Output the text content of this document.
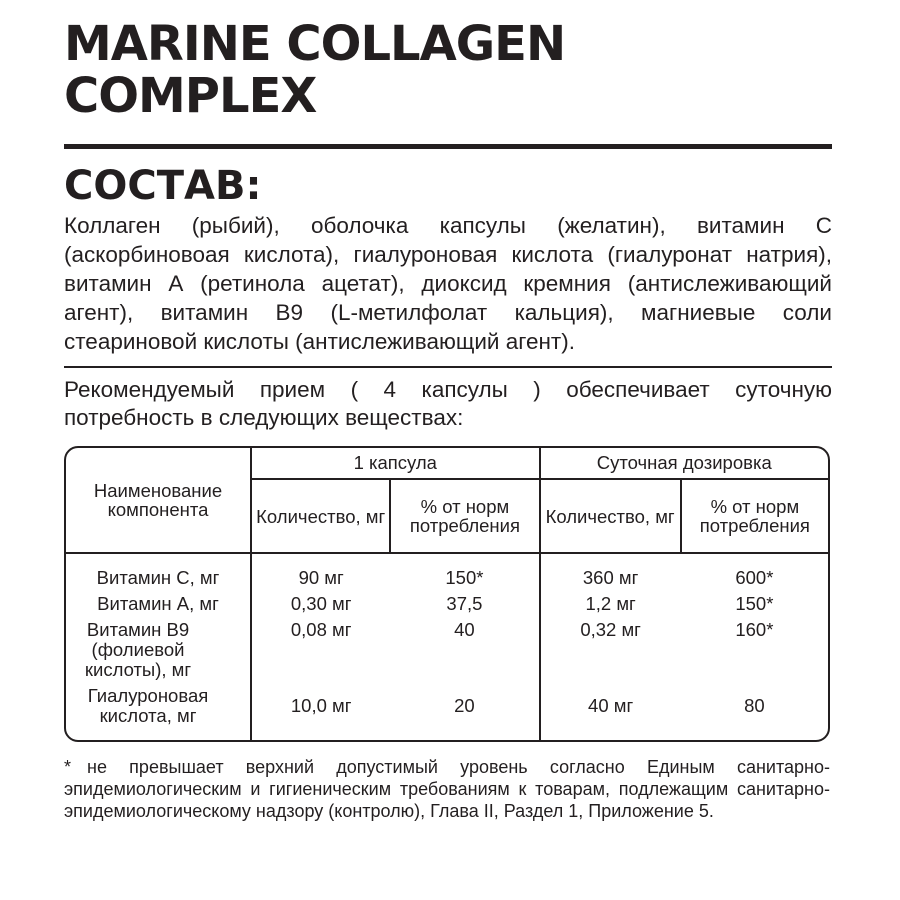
MARINE COLLAGEN
COMPLEX
СОСТАВ:

Коллаген (рыбий), оболочка капсулы (желатин), витамин С (аскорбиновоая кислота), гиалуроновая кислота (гиалуронат натрия), витамин А (ретинола ацетат), диоксид кремния (антислеживающий агент), витамин В9 (L-метилфолат кальция), магниевые соли стеариновой кислоты (антислеживающий агент).

Рекомендуемый прием ( 4 капсулы ) обеспечивает суточную потребность в следующих веществах:

Наименование компонента	1 капсула		Суточная дозировка	
	Количество, мг	% от норм потребления	Количество, мг	% от норм потребления
Витамин С, мг	90 мг	150*	360 мг	600*
Витамин А, мг	0,30 мг	37,5	1,2 мг	150*
Витамин В9 (фолиевой кислоты), мг	0,08 мг	40	0,32 мг	160*
Гиалуроновая кислота, мг	10,0 мг	20	40 мг	80

* не превышает верхний допустимый уровень согласно Единым санитарно-эпидемиологическим и гигиеническим требованиям к товарам, подлежащим санитарно-эпидемиологическому надзору (контролю), Глава II, Раздел 1, Приложение 5.
